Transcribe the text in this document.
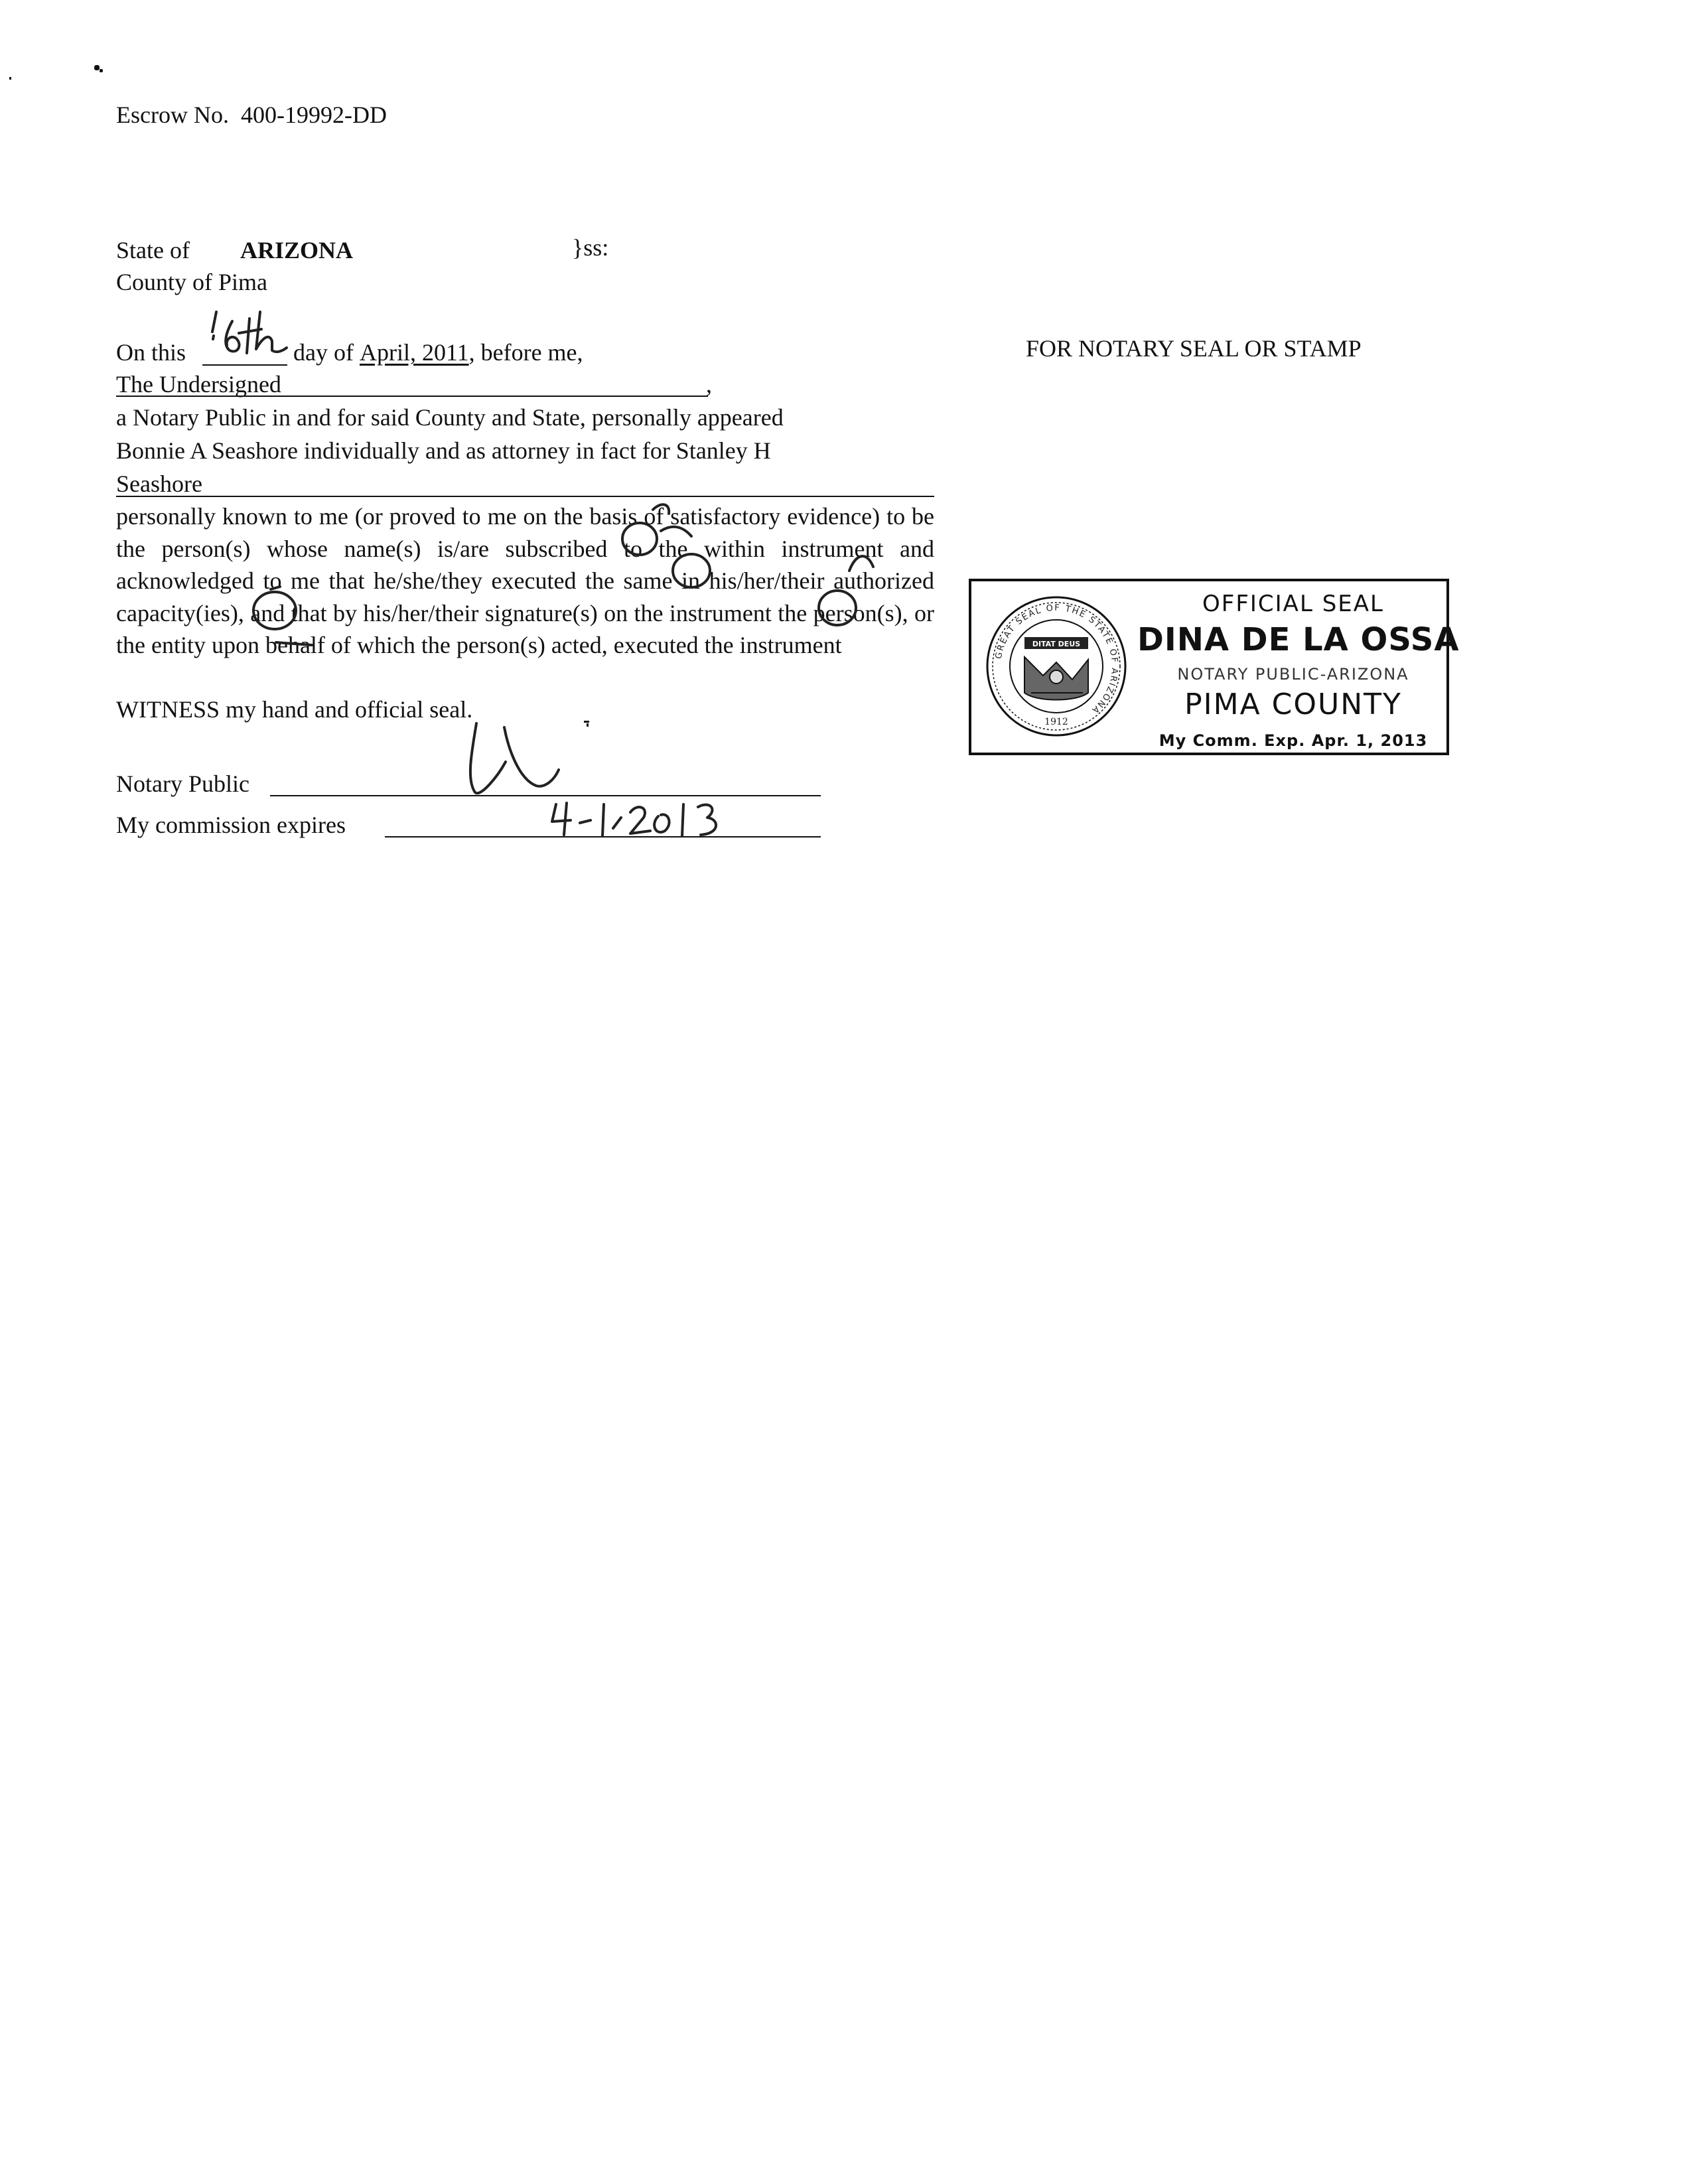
Escrow No. 400-19992-DD
State of ARIZONA	}ss:
County of Pima
On this	day of April, 2011, before me,
6th
The Undersigned	,
a Notary Public in and for said County and State, personally appeared
Bonnie A Seashore individually and as attorney in fact for Stanley H
Seashore
personally known to me (or proved to me on the basis of satisfactory evidence) to be the person(s) whose name(s) is/are subscribed to the within instrument and acknowledged to me that he/she/they executed the same in his/her/their authorized capacity(ies), and that by his/her/their signature(s) on the instrument the person(s), or the entity upon behalf of which the person(s) acted, executed the instrument
WITNESS my hand and official seal.
Notary Public
My commission expires
4-1-2013
FOR NOTARY SEAL OR STAMP
GREAT SEAL OF THE STATE OF ARIZONA
DITAT DEUS
1912
OFFICIAL SEAL
DINA DE LA OSSA
NOTARY PUBLIC-ARIZONA
PIMA COUNTY
My Comm. Exp. Apr. 1, 2013
